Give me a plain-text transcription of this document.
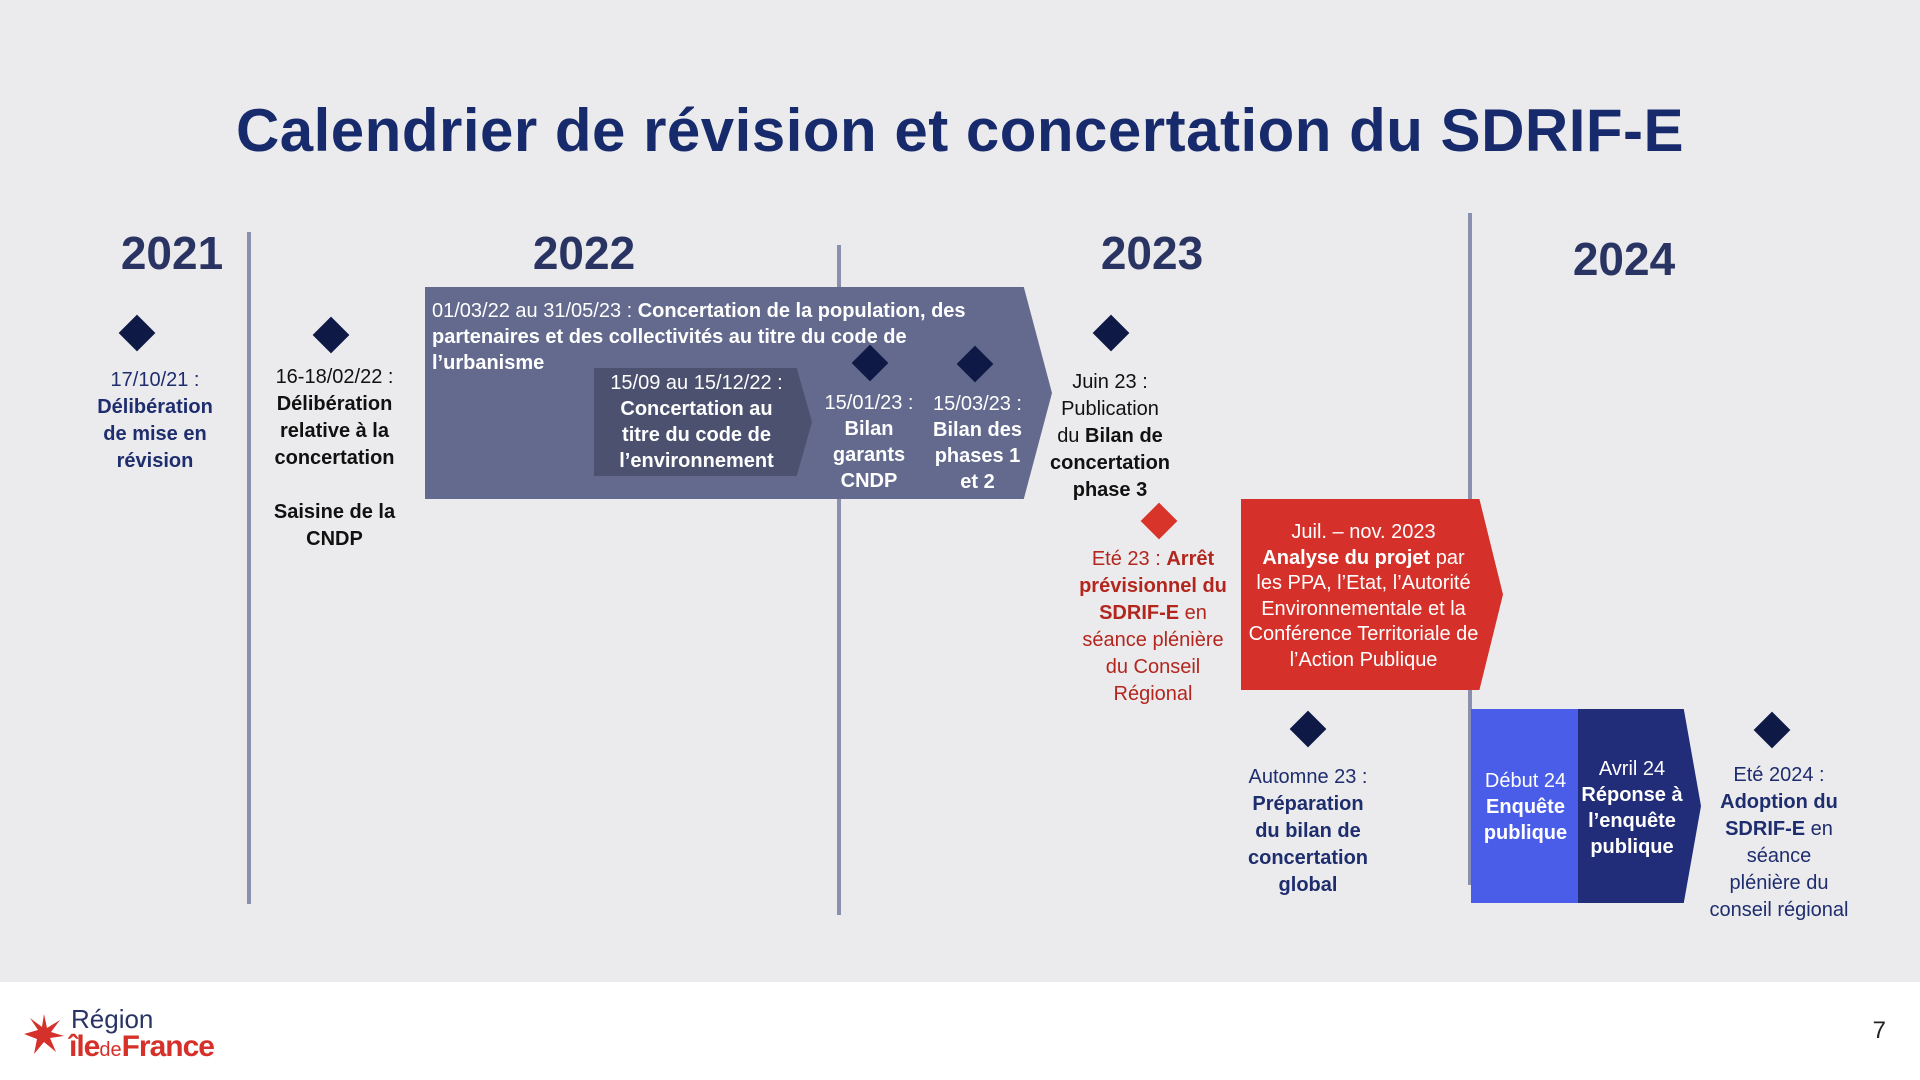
Calendrier de révision et concertation du SDRIF-E
2021	2022	2023	2024
17/10/21 :
Délibération
de mise en
révision
16-18/02/22 :
Délibération
relative à la
concertation
Saisine de la
CNDP
01/03/22 au 31/05/23 : Concertation de la population, des
partenaires et des collectivités au titre du code de
l’urbanisme
15/09 au 15/12/22 :
Concertation au
titre du code de
l’environnement
15/01/23 :
Bilan
garants
CNDP
15/03/23 :
Bilan des
phases 1
et 2
Juin 23 :
Publication
du Bilan de
concertation
phase 3
Eté 23 : Arrêt
prévisionnel du
SDRIF-E en
séance plénière
du Conseil
Régional
Juil. – nov. 2023
Analyse du projet par
les PPA, l’Etat, l’Autorité
Environnementale et la
Conférence Territoriale de
l’Action Publique
Automne 23 :
Préparation
du bilan de
concertation
global
Début 24
Enquête
publique
Avril 24
Réponse à
l’enquête
publique
Eté 2024 :
Adoption du
SDRIF-E en
séance
plénière du
conseil régional
Région
îledeFrance	7
